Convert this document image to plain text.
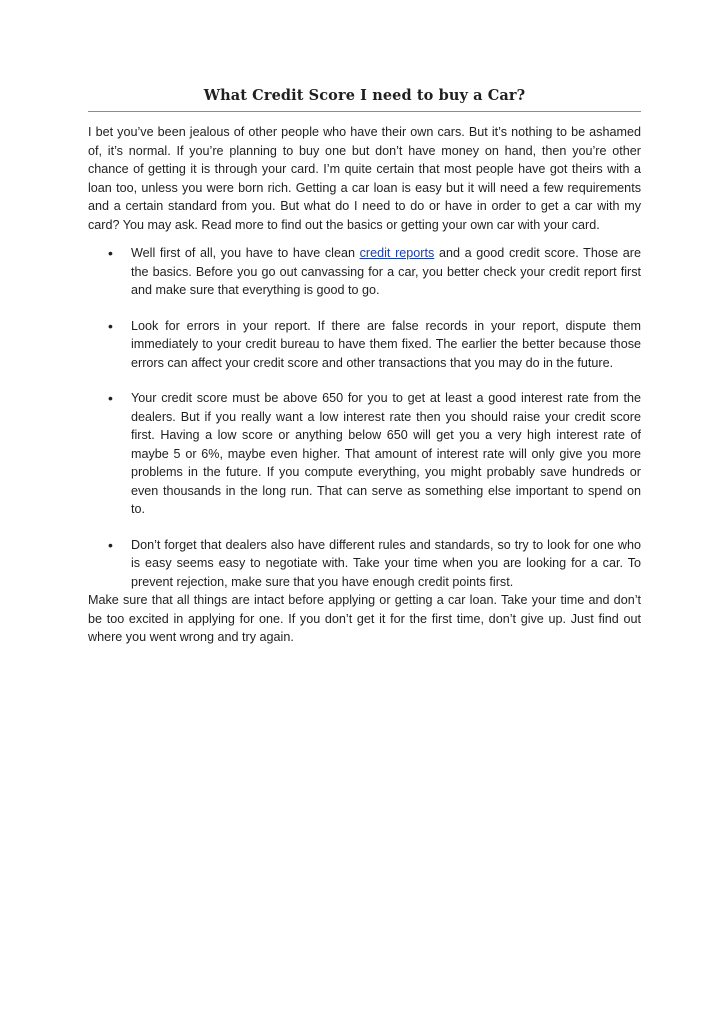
What Credit Score I need to buy a Car?

I bet you’ve been jealous of other people who have their own cars. But it’s nothing to be ashamed of, it’s normal. If you’re planning to buy one but don’t have money on hand, then you’re other chance of getting it is through your card. I’m quite certain that most people have got theirs with a loan too, unless you were born rich. Getting a car loan is easy but it will need a few requirements and a certain standard from you. But what do I need to do or have in order to get a car with my card? You may ask. Read more to find out the basics or getting your own car with your card.

• Well first of all, you have to have clean credit reports and a good credit score. Those are the basics. Before you go out canvassing for a car, you better check your credit report first and make sure that everything is good to go.
• Look for errors in your report. If there are false records in your report, dispute them immediately to your credit bureau to have them fixed. The earlier the better because those errors can affect your credit score and other transactions that you may do in the future.
• Your credit score must be above 650 for you to get at least a good interest rate from the dealers. But if you really want a low interest rate then you should raise your credit score first. Having a low score or anything below 650 will get you a very high interest rate of maybe 5 or 6%, maybe even higher. That amount of interest rate will only give you more problems in the future. If you compute everything, you might probably save hundreds or even thousands in the long run. That can serve as something else important to spend on to.
• Don’t forget that dealers also have different rules and standards, so try to look for one who is easy seems easy to negotiate with. Take your time when you are looking for a car. To prevent rejection, make sure that you have enough credit points first.

Make sure that all things are intact before applying or getting a car loan. Take your time and don’t be too excited in applying for one. If you don’t get it for the first time, don’t give up. Just find out where you went wrong and try again.
